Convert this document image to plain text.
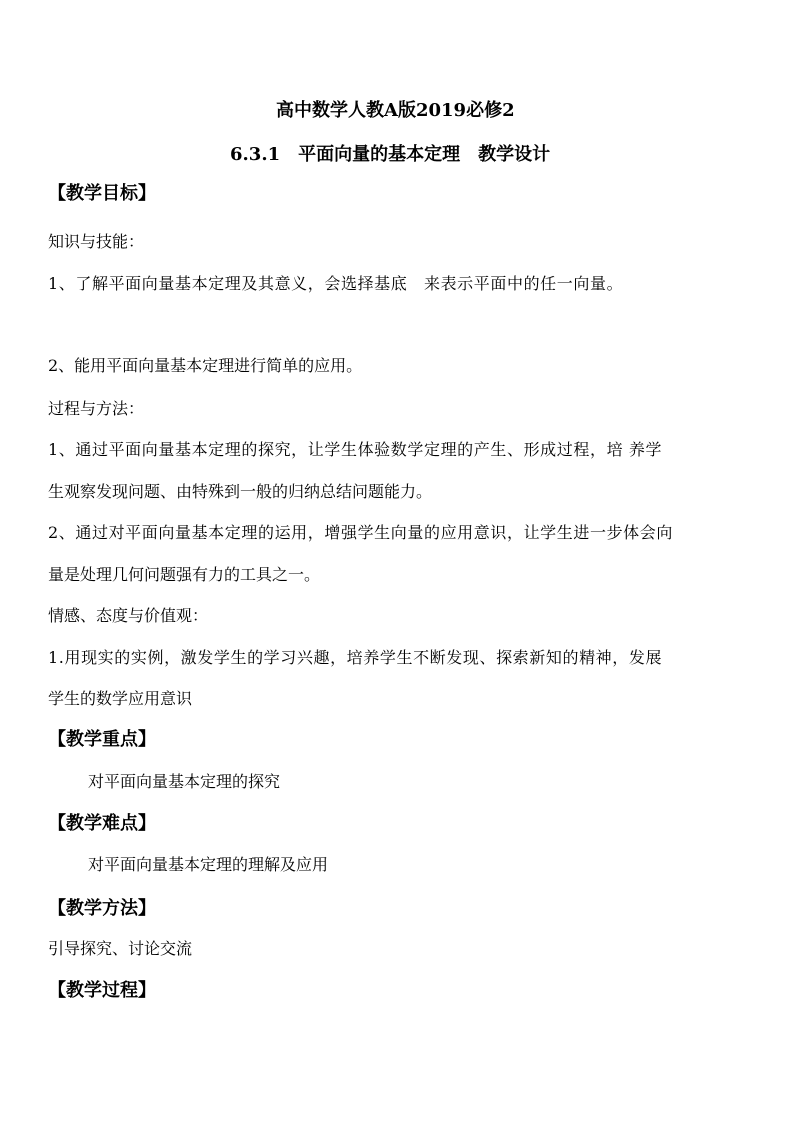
高中数学人教A版2019必修2
6.3.1　平面向量的基本定理　教学设计
【教学目标】
知识与技能：
1、了解平面向量基本定理及其意义，会选择基底　来表示平面中的任一向量。
2、能用平面向量基本定理进行简单的应用。
过程与方法：
1、通过平面向量基本定理的探究，让学生体验数学定理的产生、形成过程，培 养学
生观察发现问题、由特殊到一般的归纳总结问题能力。
2、通过对平面向量基本定理的运用，增强学生向量的应用意识，让学生进一步体会向
量是处理几何问题强有力的工具之一。
情感、态度与价值观：
1.用现实的实例，激发学生的学习兴趣，培养学生不断发现、探索新知的精神，发展
学生的数学应用意识
【教学重点】
对平面向量基本定理的探究
【教学难点】
对平面向量基本定理的理解及应用
【教学方法】
引导探究、讨论交流
【教学过程】
